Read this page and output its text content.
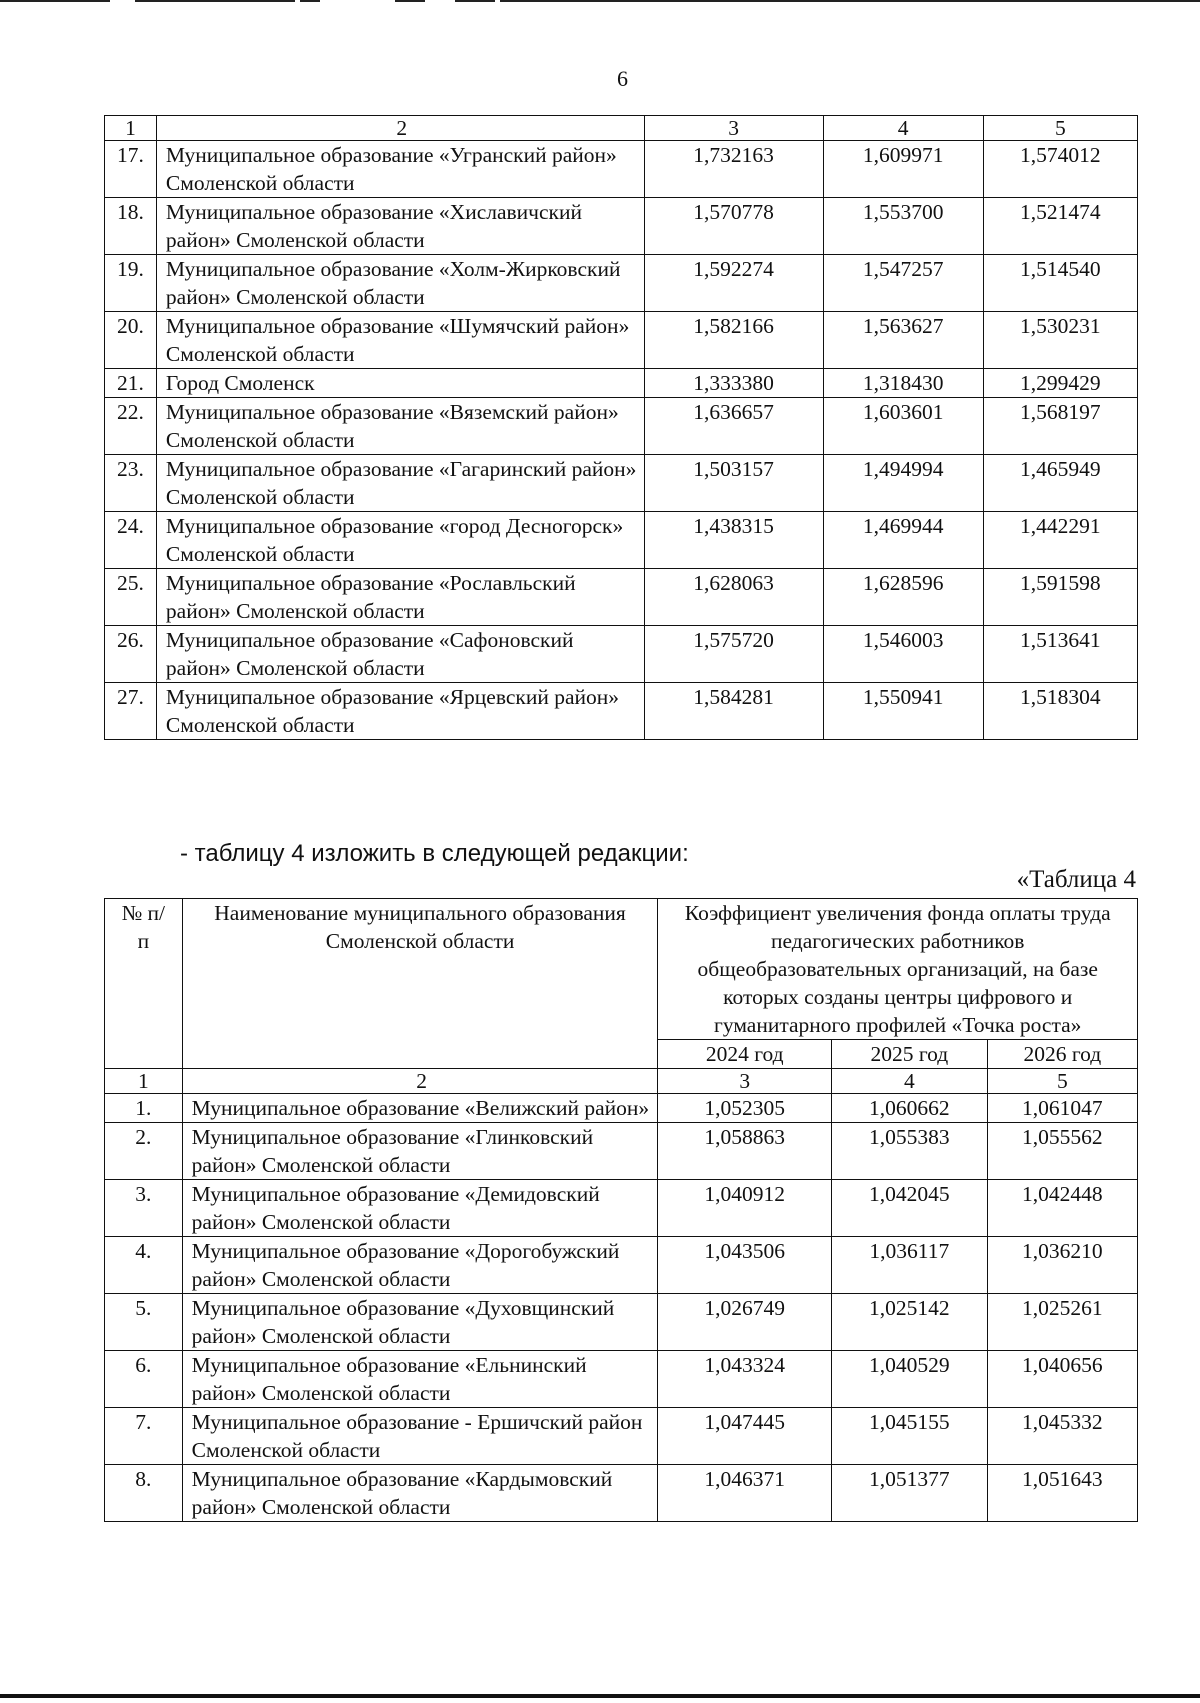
6
1	2	3	4	5
17.	Муниципальное образование «Угранский район» Смоленской области	1,732163	1,609971	1,574012
18.	Муниципальное образование «Хиславичский район» Смоленской области	1,570778	1,553700	1,521474
19.	Муниципальное образование «Холм-Жирковский район» Смоленской области	1,592274	1,547257	1,514540
20.	Муниципальное образование «Шумячский район» Смоленской области	1,582166	1,563627	1,530231
21.	Город Смоленск	1,333380	1,318430	1,299429
22.	Муниципальное образование «Вяземский район» Смоленской области	1,636657	1,603601	1,568197
23.	Муниципальное образование «Гагаринский район» Смоленской области	1,503157	1,494994	1,465949
24.	Муниципальное образование «город Десногорск» Смоленской области	1,438315	1,469944	1,442291
25.	Муниципальное образование «Рославльский район» Смоленской области	1,628063	1,628596	1,591598
26.	Муниципальное образование «Сафоновский район» Смоленской области	1,575720	1,546003	1,513641
27.	Муниципальное образование «Ярцевский район» Смоленской области	1,584281	1,550941	1,518304
- таблицу 4 изложить в следующей редакции:
«Таблица 4
№ п/п	Наименование муниципального образования Смоленской области	Коэффициент увеличения фонда оплаты труда педагогических работников общеобразовательных организаций, на базе которых созданы центры цифрового и гуманитарного профилей «Точка роста»		
		2024 год	2025 год	2026 год
1	2	3	4	5
1.	Муниципальное образование «Велижский район»	1,052305	1,060662	1,061047
2.	Муниципальное образование «Глинковский район» Смоленской области	1,058863	1,055383	1,055562
3.	Муниципальное образование «Демидовский район» Смоленской области	1,040912	1,042045	1,042448
4.	Муниципальное образование «Дорогобужский район» Смоленской области	1,043506	1,036117	1,036210
5.	Муниципальное образование «Духовщинский район» Смоленской области	1,026749	1,025142	1,025261
6.	Муниципальное образование «Ельнинский район» Смоленской области	1,043324	1,040529	1,040656
7.	Муниципальное образование - Ершичский район Смоленской области	1,047445	1,045155	1,045332
8.	Муниципальное образование «Кардымовский район» Смоленской области	1,046371	1,051377	1,051643
